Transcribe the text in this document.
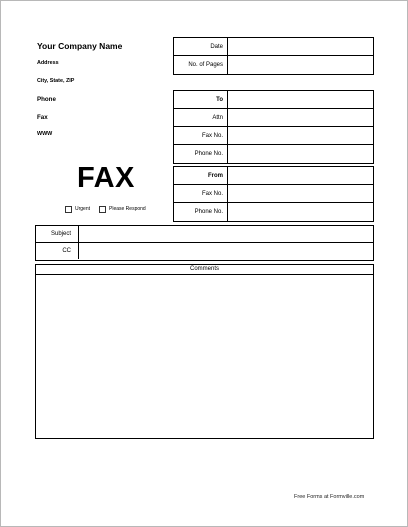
Your Company Name
Address
City, State, ZIP
Phone
Fax
WWW
FAX
Urgent	Please Respond
Date
No. of Pages
To
Attn
Fax No.
Phone No.
From
Fax No.
Phone No.
Subject
CC
Comments
Free Forms at Formville.com
